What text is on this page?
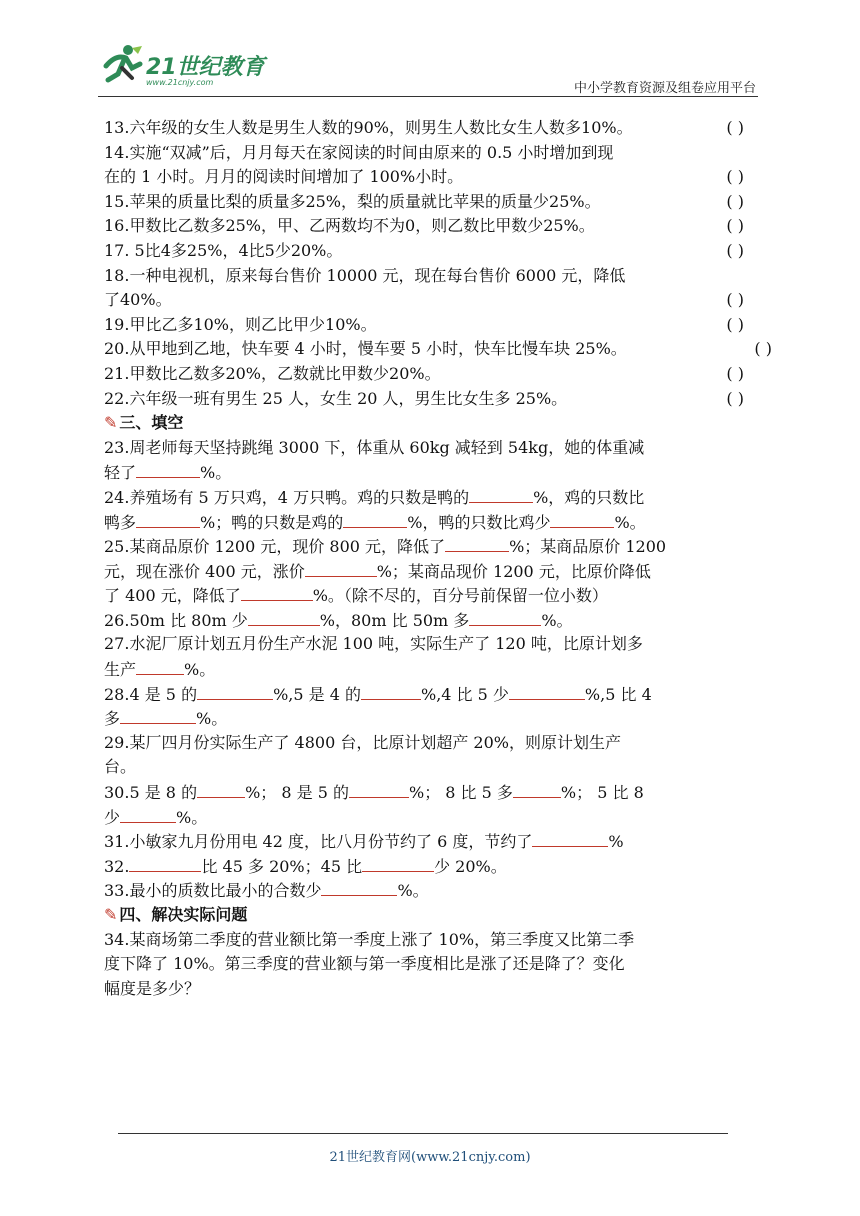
21世纪教育
www.21cnjy.com	中小学教育资源及组卷应用平台
13.六年级的女生人数是男生人数的90%，则男生人数比女生人数多10%。	( )
14.实施“双减”后，月月每天在家阅读的时间由原来的 0.5 小时增加到现
在的 1 小时。月月的阅读时间增加了 100%小时。	( )
15.苹果的质量比梨的质量多25%，梨的质量就比苹果的质量少25%。	( )
16.甲数比乙数多25%，甲、乙两数均不为0，则乙数比甲数少25%。	( )
17. 5比4多25%，4比5少20%。	( )
18.一种电视机，原来每台售价 10000 元，现在每台售价 6000 元，降低
了40%。	( )
19.甲比乙多10%，则乙比甲少10%。	( )
20.从甲地到乙地，快车要 4 小时，慢车要 5 小时，快车比慢车块 25%。	( )
21.甲数比乙数多20%，乙数就比甲数少20%。	( )
22.六年级一班有男生 25 人，女生 20 人，男生比女生多 25%。	( )
✎ 三、填空
23.周老师每天坚持跳绳 3000 下，体重从 60kg 减轻到 54kg，她的体重减
轻了	%。
24.养殖场有 5 万只鸡，4 万只鸭。鸡的只数是鸭的	%，鸡的只数比
鸭多	%；鸭的只数是鸡的	%，鸭的只数比鸡少	%。
25.某商品原价 1200 元，现价 800 元，降低了	%；某商品原价 1200
元，现在涨价 400 元，涨价	%；某商品现价 1200 元，比原价降低
了 400 元，降低了	%。（除不尽的，百分号前保留一位小数）
26.50m 比 80m 少	%，80m 比 50m 多	%。
27.水泥厂原计划五月份生产水泥 100 吨，实际生产了 120 吨，比原计划多
生产	%。
28.4 是 5 的	%,5 是 4 的	%,4 比 5 少	%,5 比 4
多	%。
29.某厂四月份实际生产了 4800 台，比原计划超产 20%，则原计划生产
台。
30.5 是 8 的	%； 8 是 5 的	%； 8 比 5 多	%； 5 比 8
少	%。
31.小敏家九月份用电 42 度，比八月份节约了 6 度，节约了	%
32.	比 45 多 20%；45 比	少 20%。
33.最小的质数比最小的合数少	%。
✎ 四、解决实际问题
34.某商场第二季度的营业额比第一季度上涨了 10%，第三季度又比第二季
度下降了 10%。第三季度的营业额与第一季度相比是涨了还是降了？变化
幅度是多少？
21世纪教育网(www.21cnjy.com)
